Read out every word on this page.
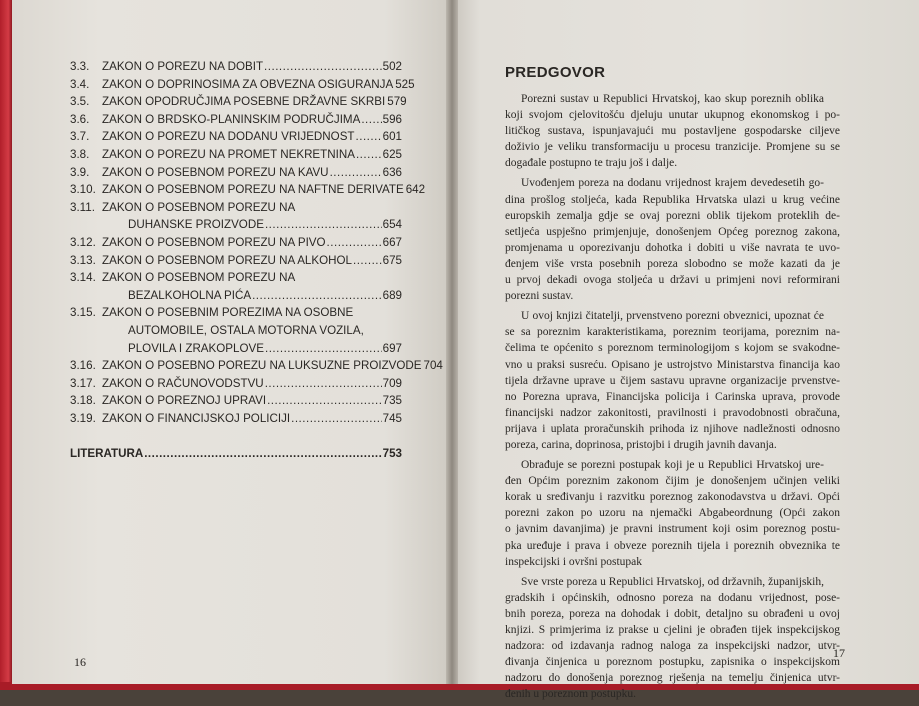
3.3.	ZAKON O POREZU NA DOBIT .....	502
3.4.	ZAKON O DOPRINOSIMA ZA OBVEZNA OSIGURANJA 525
3.5.	ZAKON OPODRUČJIMA POSEBNE DRŽAVNE SKRBI 579
3.6.	ZAKON O BRDSKO-PLANINSKIM PODRUČJIMA ..... 596
3.7.	ZAKON O POREZU NA DODANU VRIJEDNOST ..... 601
3.8.	ZAKON O POREZU NA PROMET NEKRETNINA ..... 625
3.9.	ZAKON O POSEBNOM POREZU NA KAVU .....	636
3.10. ZAKON O POSEBNOM POREZU NA NAFTNE DERIVATE 642
3.11. ZAKON O POSEBNOM POREZU NA
DUHANSKE PROIZVODE .....	654
3.12. ZAKON O POSEBNOM POREZU NA PIVO .....	667
3.13. ZAKON O POSEBNOM POREZU NA ALKOHOL .....	675
3.14. ZAKON O POSEBNOM POREZU NA
BEZALKOHOLNA PIĆA .....	689
3.15. ZAKON O POSEBNIM POREZIMA NA OSOBNE
AUTOMOBILE, OSTALA MOTORNA VOZILA,
PLOVILA I ZRAKOPLOVE .....	697
3.16. ZAKON O POSEBNO POREZU NA LUKSUZNE PROIZVODE 704
3.17. ZAKON O RAČUNOVODSTVU .....	709
3.18. ZAKON O POREZNOJ UPRAVI .....	735
3.19. ZAKON O FINANCIJSKOJ POLICIJI .....	745
LITERATURA .....	753
16
PREDGOVOR
Porezni sustav u Republici Hrvatskoj, kao skup poreznih oblika
koji svojom cjelovitošću djeluju unutar ukupnog ekonomskog i po-
litičkog sustava, ispunjavajući mu postavljene gospodarske ciljeve
doživio je veliku transformaciju u procesu tranzicije. Promjene su se
događale postupno te traju još i dalje.
Uvođenjem poreza na dodanu vrijednost krajem devedesetih go-
dina prošlog stoljeća, kada Republika Hrvatska ulazi u krug većine
europskih zemalja gdje se ovaj porezni oblik tijekom proteklih de-
setljeća uspješno primjenjuje, donošenjem Općeg poreznog zakona,
promjenama u oporezivanju dohotka i dobiti u više navrata te uvo-
đenjem više vrsta posebnih poreza slobodno se može kazati da je
u prvoj dekadi ovoga stoljeća u državi u primjeni novi reformirani
porezni sustav.
U ovoj knjizi čitatelji, prvenstveno porezni obveznici, upoznat će
se sa poreznim karakteristikama, poreznim teorijama, poreznim na-
čelima te općenito s poreznom terminologijom s kojom se svakodne-
vno u praksi susreću. Opisano je ustrojstvo Ministarstva financija kao
tijela državne uprave u čijem sastavu upravne organizacije prvenstve-
no Porezna uprava, Financijska policija i Carinska uprava, provode
financijski nadzor zakonitosti, pravilnosti i pravodobnosti obračuna,
prijava i uplata proračunskih prihoda iz njihove nadležnosti odnosno
poreza, carina, doprinosa, pristojbi i drugih javnih davanja.
Obrađuje se porezni postupak koji je u Republici Hrvatskoj ure-
đen Općim poreznim zakonom čijim je donošenjem učinjen veliki
korak u sređivanju i razvitku poreznog zakonodavstva u državi. Opći
porezni zakon po uzoru na njemački Abgabeordnung (Opći zakon
o javnim davanjima) je pravni instrument koji osim poreznog postu-
pka uređuje i prava i obveze poreznih tijela i poreznih obveznika te
inspekcijski i ovršni postupak
Sve vrste poreza u Republici Hrvatskoj, od državnih, županijskih,
gradskih i općinskih, odnosno poreza na dodanu vrijednost, pose-
bnih poreza, poreza na dohodak i dobit, detaljno su obrađeni u ovoj
knjizi. S primjerima iz prakse u cjelini je obrađen tijek inspekcijskog
nadzora: od izdavanja radnog naloga za inspekcijski nadzor, utvr-
đivanja činjenica u poreznom postupku, zapisnika o inspekcijskom
nadzoru do donošenja poreznog rješenja na temelju činjenica utvr-
đenih u poreznom postupku.
17
